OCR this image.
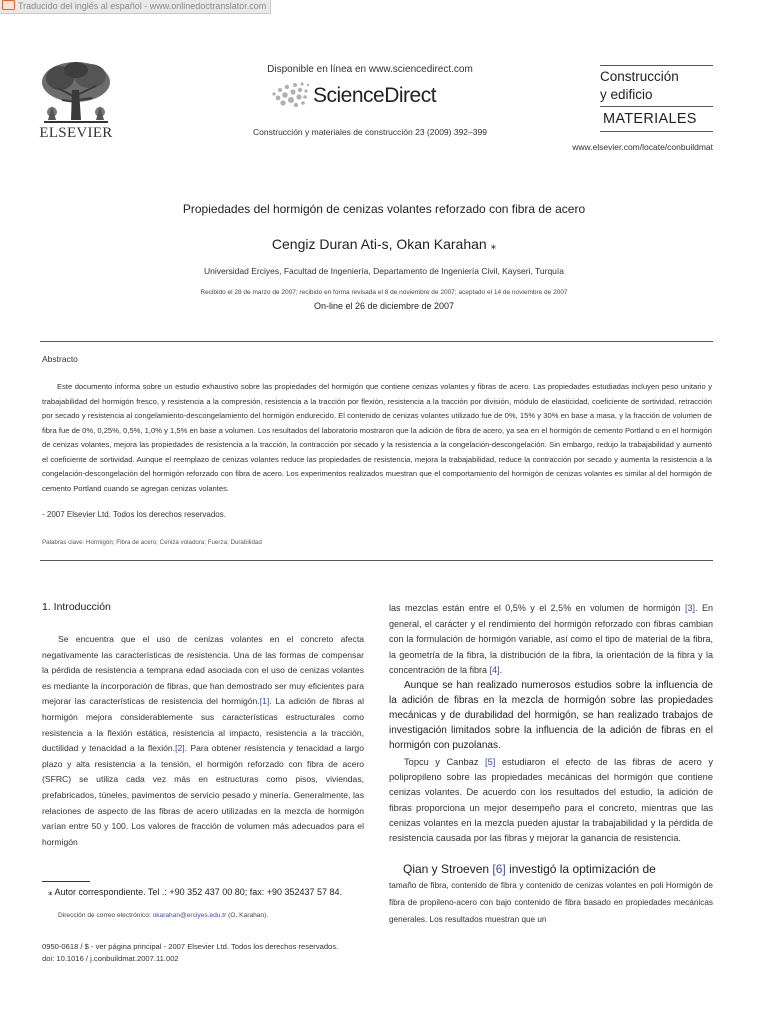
Traducido del inglés al español - www.onlinedoctranslator.com
ELSEVIER
Disponible en línea en www.sciencedirect.com
ScienceDirect
Construcción y materiales de construcción 23 (2009) 392–399
Construcción
y edificio
MATERIALES
www.elsevier.com/locate/conbuildmat
Propiedades del hormigón de cenizas volantes reforzado con fibra de acero
Cengiz Duran Ati-s, Okan Karahan ⁎
Universidad Erciyes, Facultad de Ingeniería, Departamento de Ingeniería Civil, Kayseri, Turquía
Recibido el 28 de marzo de 2007; recibido en forma revisada el 8 de noviembre de 2007; aceptado el 14 de noviembre de 2007
On-line el 26 de diciembre de 2007
Abstracto
Este documento informa sobre un estudio exhaustivo sobre las propiedades del hormigón que contiene cenizas volantes y fibras de acero. Las propiedades estudiadas incluyen peso unitario y trabajabilidad del hormigón fresco, y resistencia a la compresión, resistencia a la tracción por flexión, resistencia a la tracción por división, módulo de elasticidad, coeficiente de sortividad, retracción por secado y resistencia al congelamiento-descongelamiento del hormigón endurecido. El contenido de cenizas volantes utilizado fue de 0%, 15% y 30% en base a masa, y la fracción de volumen de fibra fue de 0%, 0,25%, 0,5%, 1,0% y 1,5% en base a volumen. Los resultados del laboratorio mostraron que la adición de fibra de acero, ya sea en el hormigón de cemento Portland o en el hormigón de cenizas volantes, mejora las propiedades de resistencia a la tracción, la contracción por secado y la resistencia a la congelación-descongelación. Sin embargo, redujo la trabajabilidad y aumentó el coeficiente de sortividad. Aunque el reemplazo de cenizas volantes reduce las propiedades de resistencia, mejora la trabajabilidad, reduce la contracción por secado y aumenta la resistencia a la congelación-descongelación del hormigón reforzado con fibra de acero. Los experimentos realizados muestran que el comportamiento del hormigón de cenizas volantes es similar al del hormigón de cemento Portland cuando se agregan cenizas volantes.
- 2007 Elsevier Ltd. Todos los derechos reservados.
Palabras clave: Hormigón; Fibra de acero; Ceniza voladora; Fuerza; Durabilidad
1. Introducción
Se encuentra que el uso de cenizas volantes en el concreto afecta negativamente las características de resistencia. Una de las formas de compensar la pérdida de resistencia a temprana edad asociada con el uso de cenizas volantes es mediante la incorporación de fibras, que han demostrado ser muy eficientes para mejorar las características de resistencia del hormigón.[1]. La adición de fibras al hormigón mejora considerablemente sus características estructurales como resistencia a la flexión estática, resistencia al impacto, resistencia a la tracción, ductilidad y tenacidad a la flexión.[2]. Para obtener resistencia y tenacidad a largo plazo y alta resistencia a la tensión, el hormigón reforzado con fibra de acero (SFRC) se utiliza cada vez más en estructuras como pisos, viviendas, prefabricados, túneles, pavimentos de servicio pesado y minería. Generalmente, las relaciones de aspecto de las fibras de acero utilizadas en la mezcla de hormigón varían entre 50 y 100. Los valores de fracción de volumen más adecuados para el hormigón
las mezclas están entre el 0,5% y el 2,5% en volumen de hormigón [3]. En general, el carácter y el rendimiento del hormigón reforzado con fibras cambian con la formulación de hormigón variable, así como el tipo de material de la fibra, la geometría de la fibra, la distribución de la fibra, la orientación de la fibra y la concentración de la fibra [4].
Aunque se han realizado numerosos estudios sobre la influencia de la adición de fibras en la mezcla de hormigón sobre las propiedades mecánicas y de durabilidad del hormigón, se han realizado trabajos de investigación limitados sobre la influencia de la adición de fibras en el hormigón con puzolanas.
Topcu y Canbaz [5] estudiaron el efecto de las fibras de acero y polipropileno sobre las propiedades mecánicas del hormigón que contiene cenizas volantes. De acuerdo con los resultados del estudio, la adición de fibras proporciona un mejor desempeño para el concreto, mientras que las cenizas volantes en la mezcla pueden ajustar la trabajabilidad y la pérdida de resistencia causada por las fibras y mejorar la ganancia de resistencia.
Qian y Stroeven [6] investigó la optimización de
tamaño de fibra, contenido de fibra y contenido de cenizas volantes en poli Hormigón de fibra de propileno-acero con bajo contenido de fibra basado en propiedades mecánicas generales. Los resultados muestran que un
⁎ Autor correspondiente. Tel .: +90 352 437 00 80; fax: +90 352437 57 84.
Dirección de correo electrónico: okarahan@erciyes.edu.tr (O. Karahan).
0950-0618 / $ - ver página principal - 2007 Elsevier Ltd. Todos los derechos reservados.
doi: 10.1016 / j.conbuildmat.2007.11.002
